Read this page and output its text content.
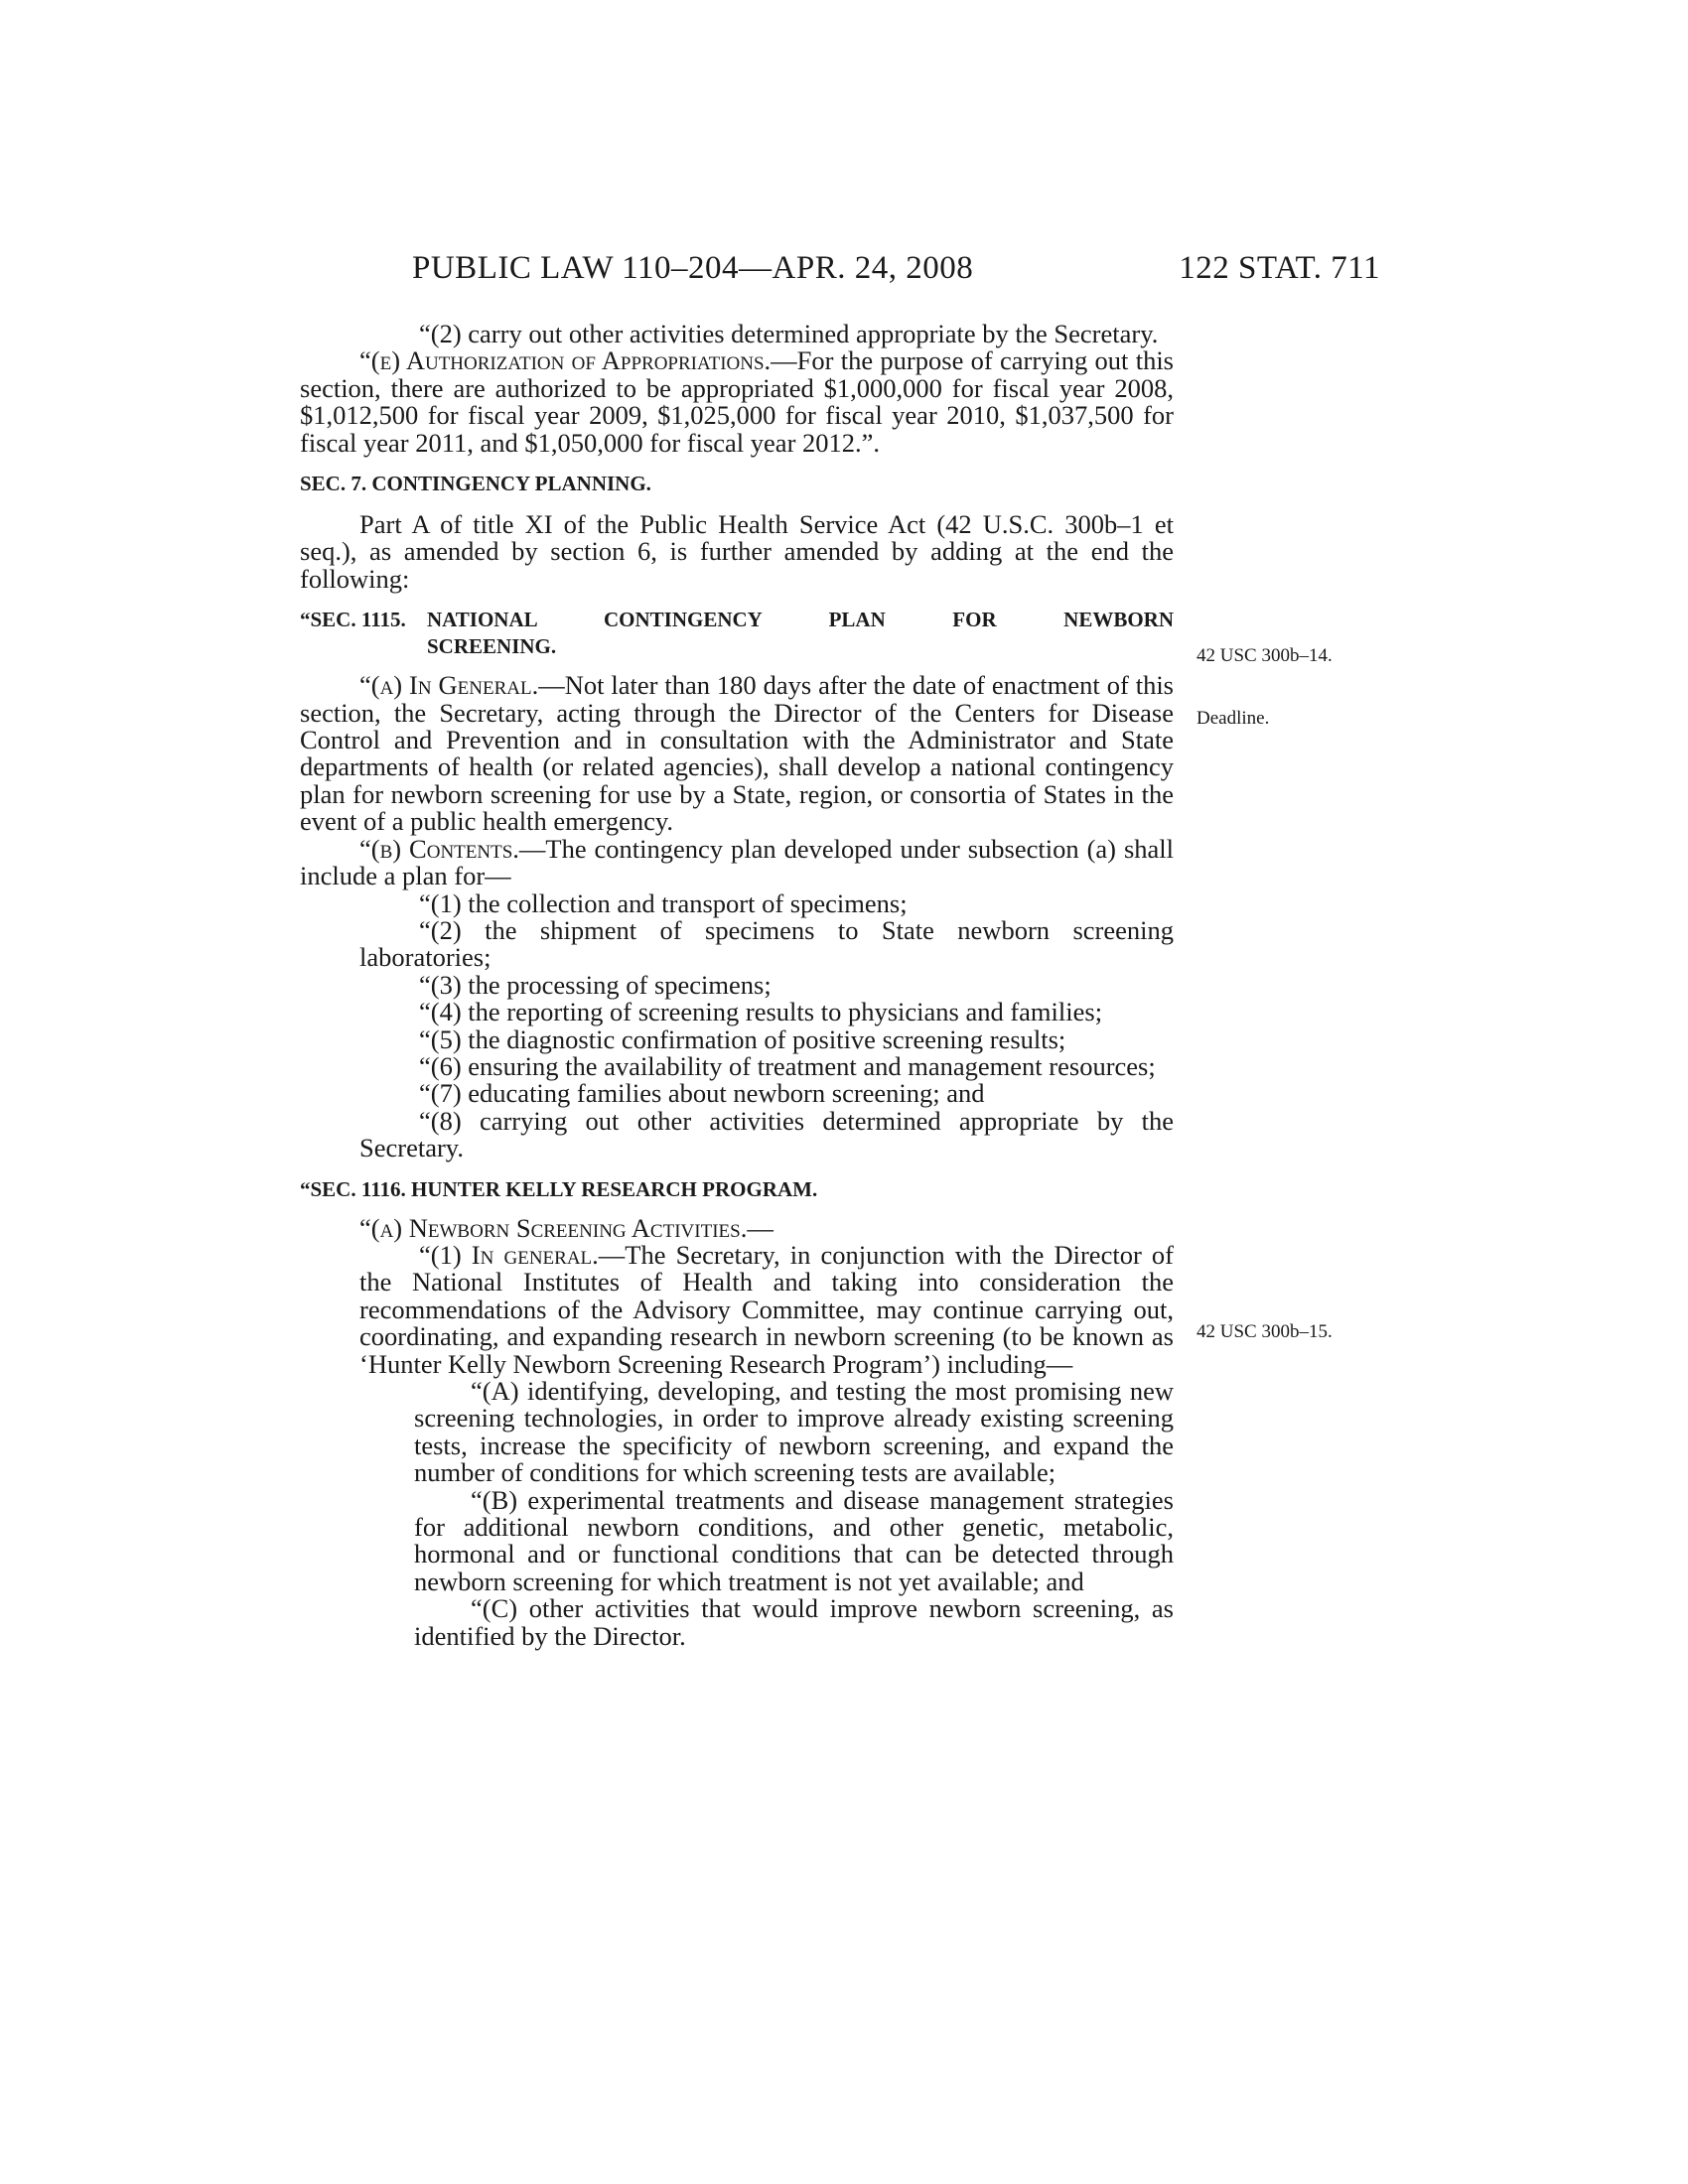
PUBLIC LAW 110–204—APR. 24, 2008	122 STAT. 711

“(2) carry out other activities determined appropriate by the Secretary.

“(e) Authorization of Appropriations.—For the purpose of carrying out this section, there are authorized to be appropriated $1,000,000 for fiscal year 2008, $1,012,500 for fiscal year 2009, $1,025,000 for fiscal year 2010, $1,037,500 for fiscal year 2011, and $1,050,000 for fiscal year 2012.”.

SEC. 7. CONTINGENCY PLANNING.

Part A of title XI of the Public Health Service Act (42 U.S.C. 300b–1 et seq.), as amended by section 6, is further amended by adding at the end the following:

“SEC. 1115.	NATIONAL CONTINGENCY PLAN FOR NEWBORN
SCREENING.

“(a) In General.—Not later than 180 days after the date of enactment of this section, the Secretary, acting through the Director of the Centers for Disease Control and Prevention and in consultation with the Administrator and State departments of health (or related agencies), shall develop a national contingency plan for newborn screening for use by a State, region, or consortia of States in the event of a public health emergency.

“(b) Contents.—The contingency plan developed under subsection (a) shall include a plan for—

“(1) the collection and transport of specimens;

“(2) the shipment of specimens to State newborn screening laboratories;

“(3) the processing of specimens;

“(4) the reporting of screening results to physicians and families;

“(5) the diagnostic confirmation of positive screening results;

“(6) ensuring the availability of treatment and management resources;

“(7) educating families about newborn screening; and

“(8) carrying out other activities determined appropriate by the Secretary.

“SEC. 1116. HUNTER KELLY RESEARCH PROGRAM.

“(a) Newborn Screening Activities.—

“(1) In general.—The Secretary, in conjunction with the Director of the National Institutes of Health and taking into consideration the recommendations of the Advisory Committee, may continue carrying out, coordinating, and expanding research in newborn screening (to be known as ‘Hunter Kelly Newborn Screening Research Program’) including—

“(A) identifying, developing, and testing the most promising new screening technologies, in order to improve already existing screening tests, increase the specificity of newborn screening, and expand the number of conditions for which screening tests are available;

“(B) experimental treatments and disease management strategies for additional newborn conditions, and other genetic, metabolic, hormonal and or functional conditions that can be detected through newborn screening for which treatment is not yet available; and

“(C) other activities that would improve newborn screening, as identified by the Director.

42 USC 300b–14.
Deadline.
42 USC 300b–15.
